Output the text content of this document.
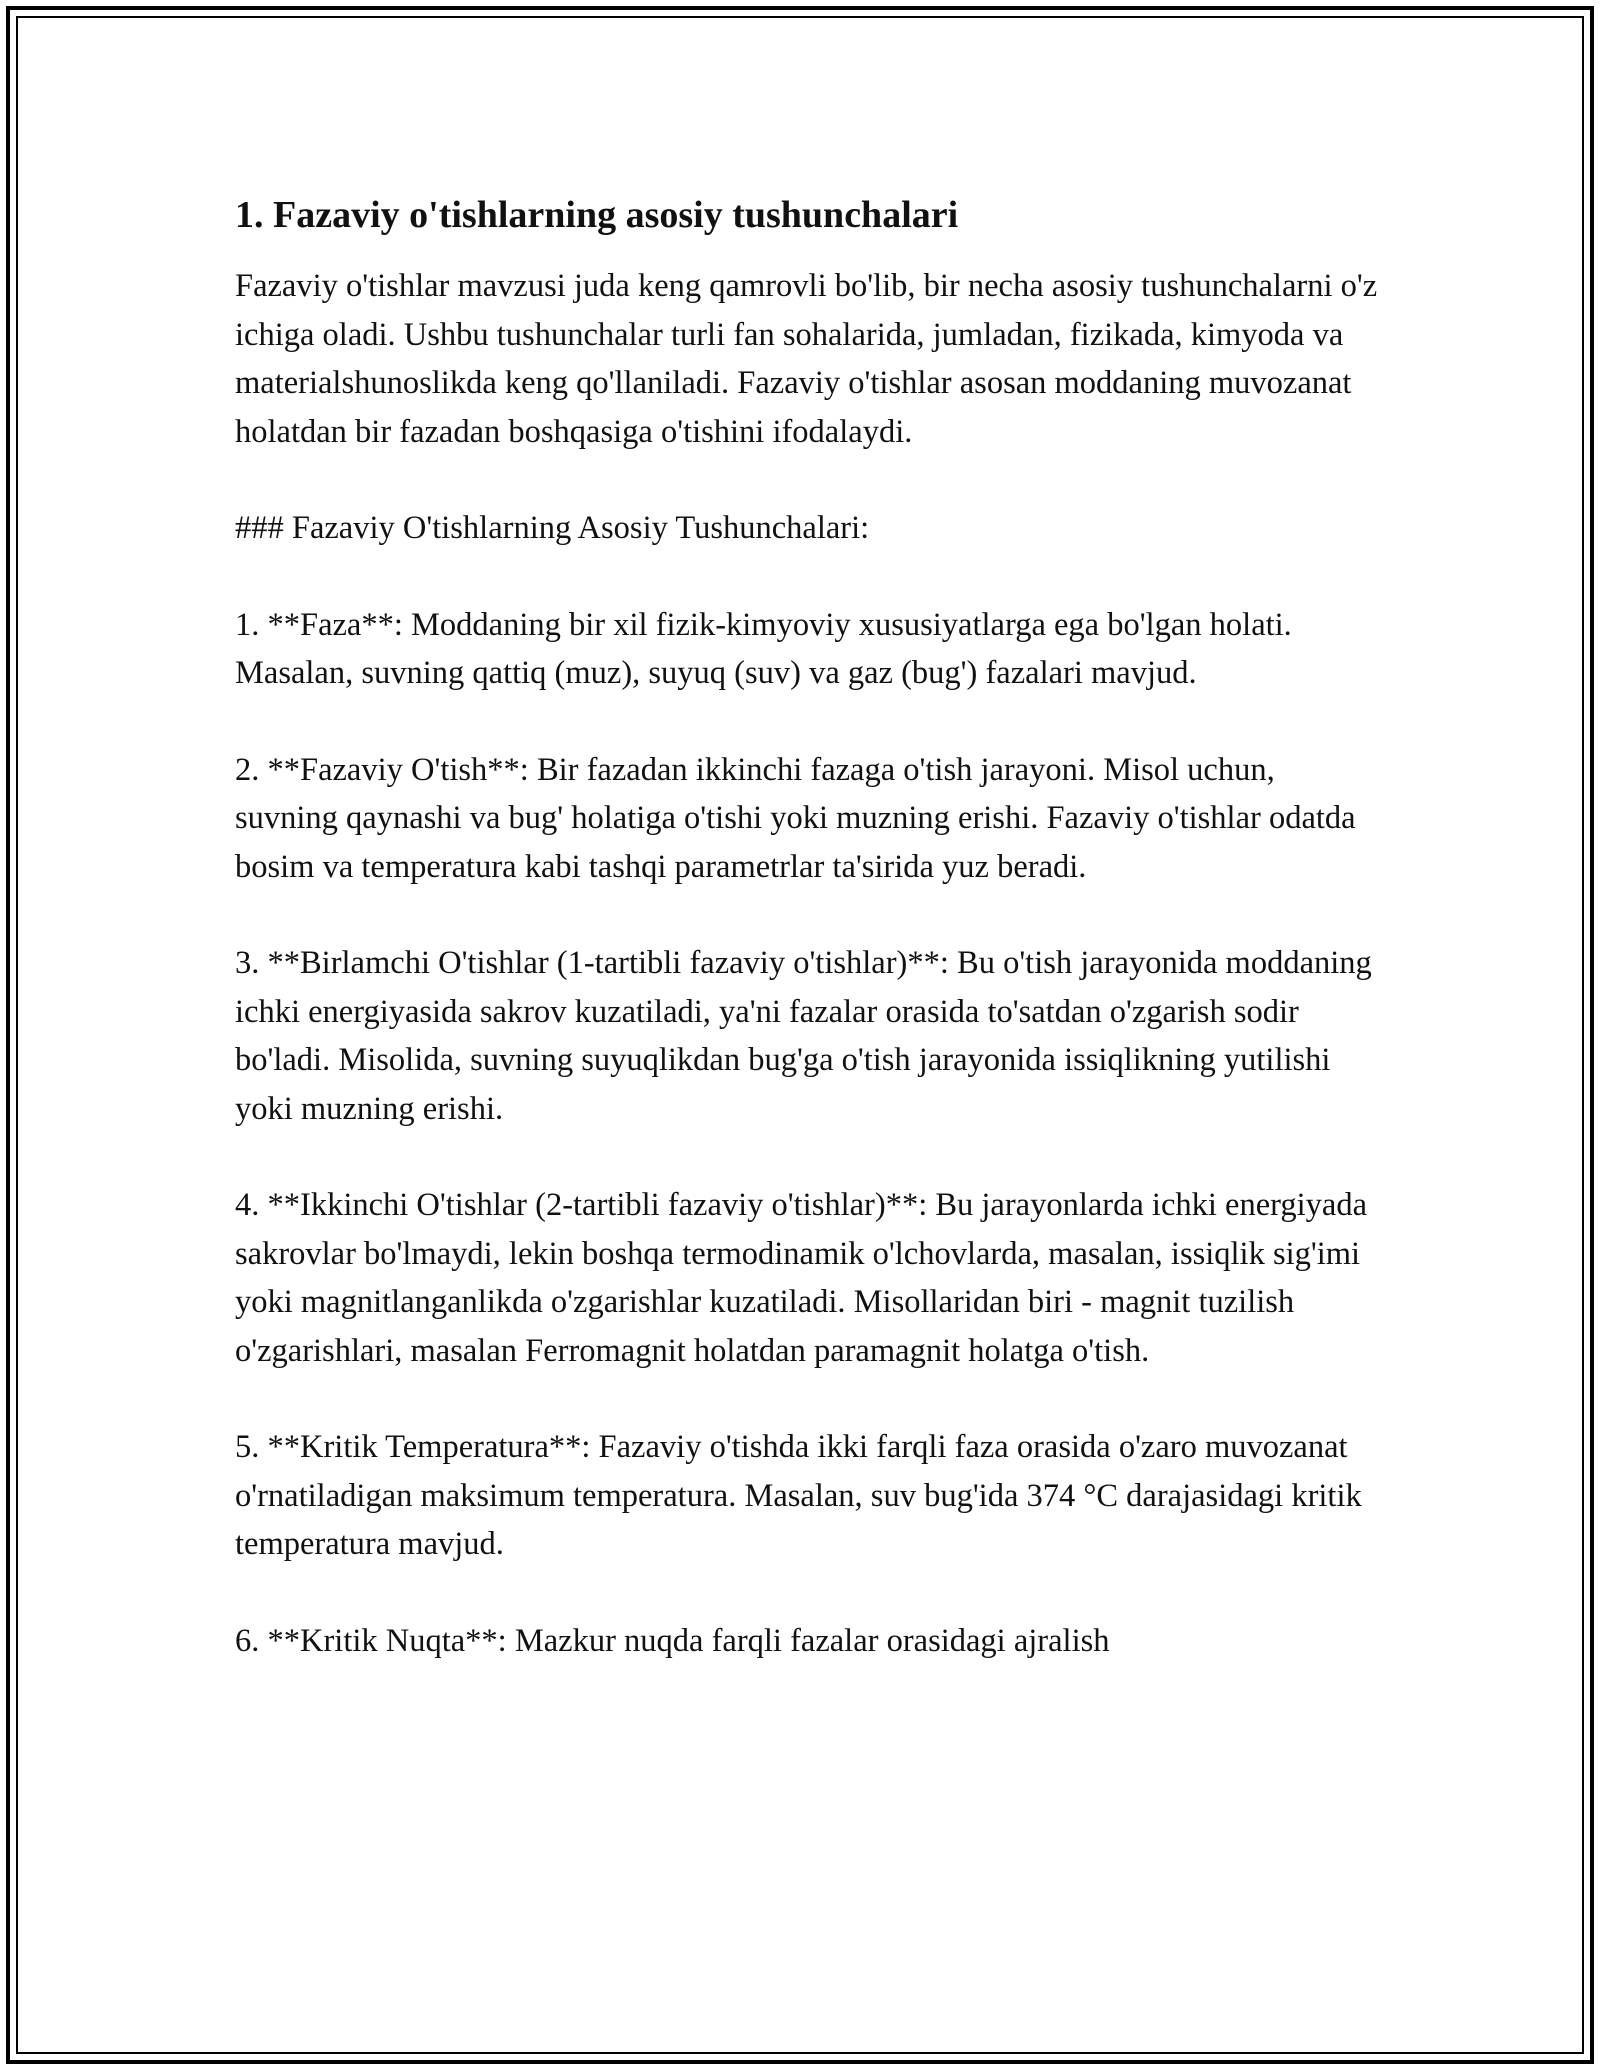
1. Fazaviy o'tishlarning asosiy tushunchalari

Fazaviy o'tishlar mavzusi juda keng qamrovli bo'lib, bir necha asosiy tushunchalarni o'z ichiga oladi. Ushbu tushunchalar turli fan sohalarida, jumladan, fizikada, kimyoda va materialshunoslikda keng qo'llaniladi. Fazaviy o'tishlar asosan moddaning muvozanat holatdan bir fazadan boshqasiga o'tishini ifodalaydi.

### Fazaviy O'tishlarning Asosiy Tushunchalari:

1. **Faza**: Moddaning bir xil fizik-kimyoviy xususiyatlarga ega bo'lgan holati. Masalan, suvning qattiq (muz), suyuq (suv) va gaz (bug') fazalari mavjud.

2. **Fazaviy O'tish**: Bir fazadan ikkinchi fazaga o'tish jarayoni. Misol uchun, suvning qaynashi va bug' holatiga o'tishi yoki muzning erishi. Fazaviy o'tishlar odatda bosim va temperatura kabi tashqi parametrlar ta'sirida yuz beradi.

3. **Birlamchi O'tishlar (1-tartibli fazaviy o'tishlar)**: Bu o'tish jarayonida moddaning ichki energiyasida sakrov kuzatiladi, ya'ni fazalar orasida to'satdan o'zgarish sodir bo'ladi. Misolida, suvning suyuqlikdan bug'ga o'tish jarayonida issiqlikning yutilishi yoki muzning erishi.

4. **Ikkinchi O'tishlar (2-tartibli fazaviy o'tishlar)**: Bu jarayonlarda ichki energiyada sakrovlar bo'lmaydi, lekin boshqa termodinamik o'lchovlarda, masalan, issiqlik sig'imi yoki magnitlanganlikda o'zgarishlar kuzatiladi. Misollaridan biri - magnit tuzilish o'zgarishlari, masalan Ferromagnit holatdan paramagnit holatga o'tish.

5. **Kritik Temperatura**: Fazaviy o'tishda ikki farqli faza orasida o'zaro muvozanat o'rnatiladigan maksimum temperatura. Masalan, suv bug'ida 374 °C darajasidagi kritik temperatura mavjud.

6. **Kritik Nuqta**: Mazkur nuqda farqli fazalar orasidagi ajralish
